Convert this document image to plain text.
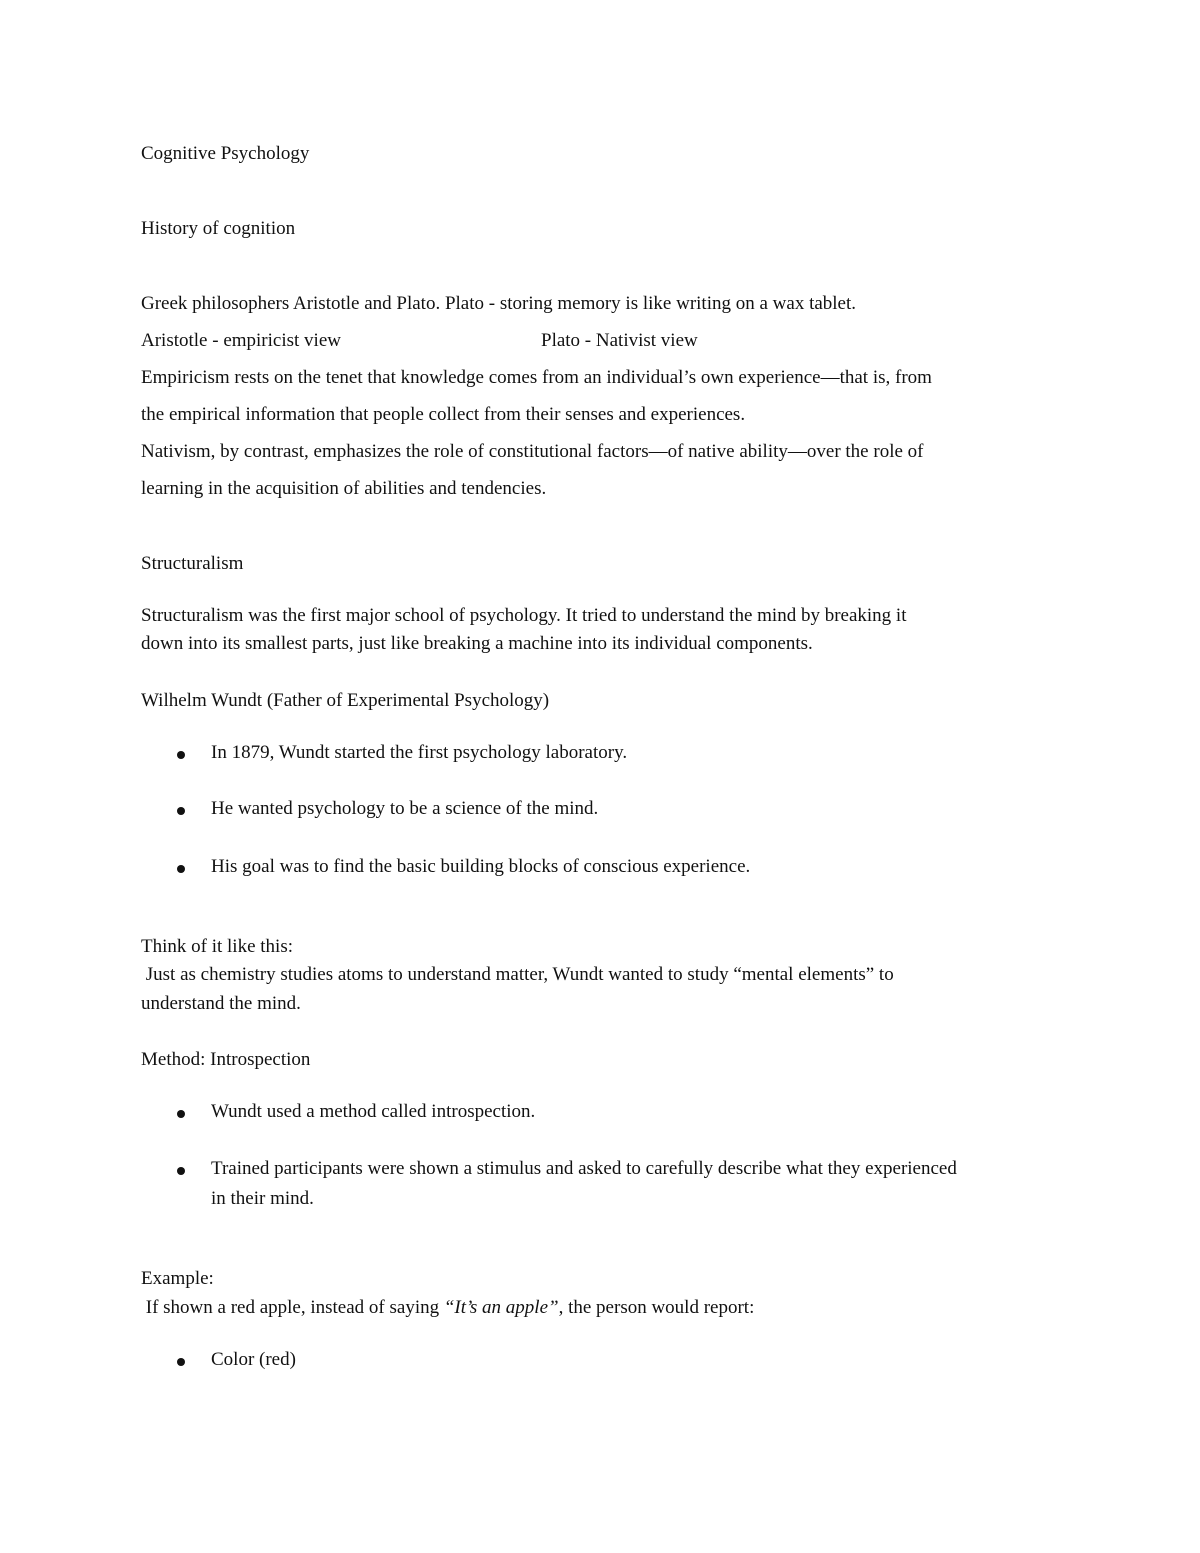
Cognitive Psychology
History of cognition
Greek philosophers Aristotle and Plato. Plato - storing memory is like writing on a wax tablet.
Aristotle - empiricist view	Plato - Nativist view
Empiricism rests on the tenet that knowledge comes from an individual’s own experience—that is, from
the empirical information that people collect from their senses and experiences.
Nativism, by contrast, emphasizes the role of constitutional factors—of native ability—over the role of
learning in the acquisition of abilities and tendencies.
Structuralism
Structuralism was the first major school of psychology. It tried to understand the mind by breaking it
down into its smallest parts, just like breaking a machine into its individual components.
Wilhelm Wundt (Father of Experimental Psychology)
In 1879, Wundt started the first psychology laboratory.
He wanted psychology to be a science of the mind.
His goal was to find the basic building blocks of conscious experience.
Think of it like this:
Just as chemistry studies atoms to understand matter, Wundt wanted to study “mental elements” to
understand the mind.
Method: Introspection
Wundt used a method called introspection.
Trained participants were shown a stimulus and asked to carefully describe what they experienced
in their mind.
Example:
If shown a red apple, instead of saying “It’s an apple”, the person would report:
Color (red)
